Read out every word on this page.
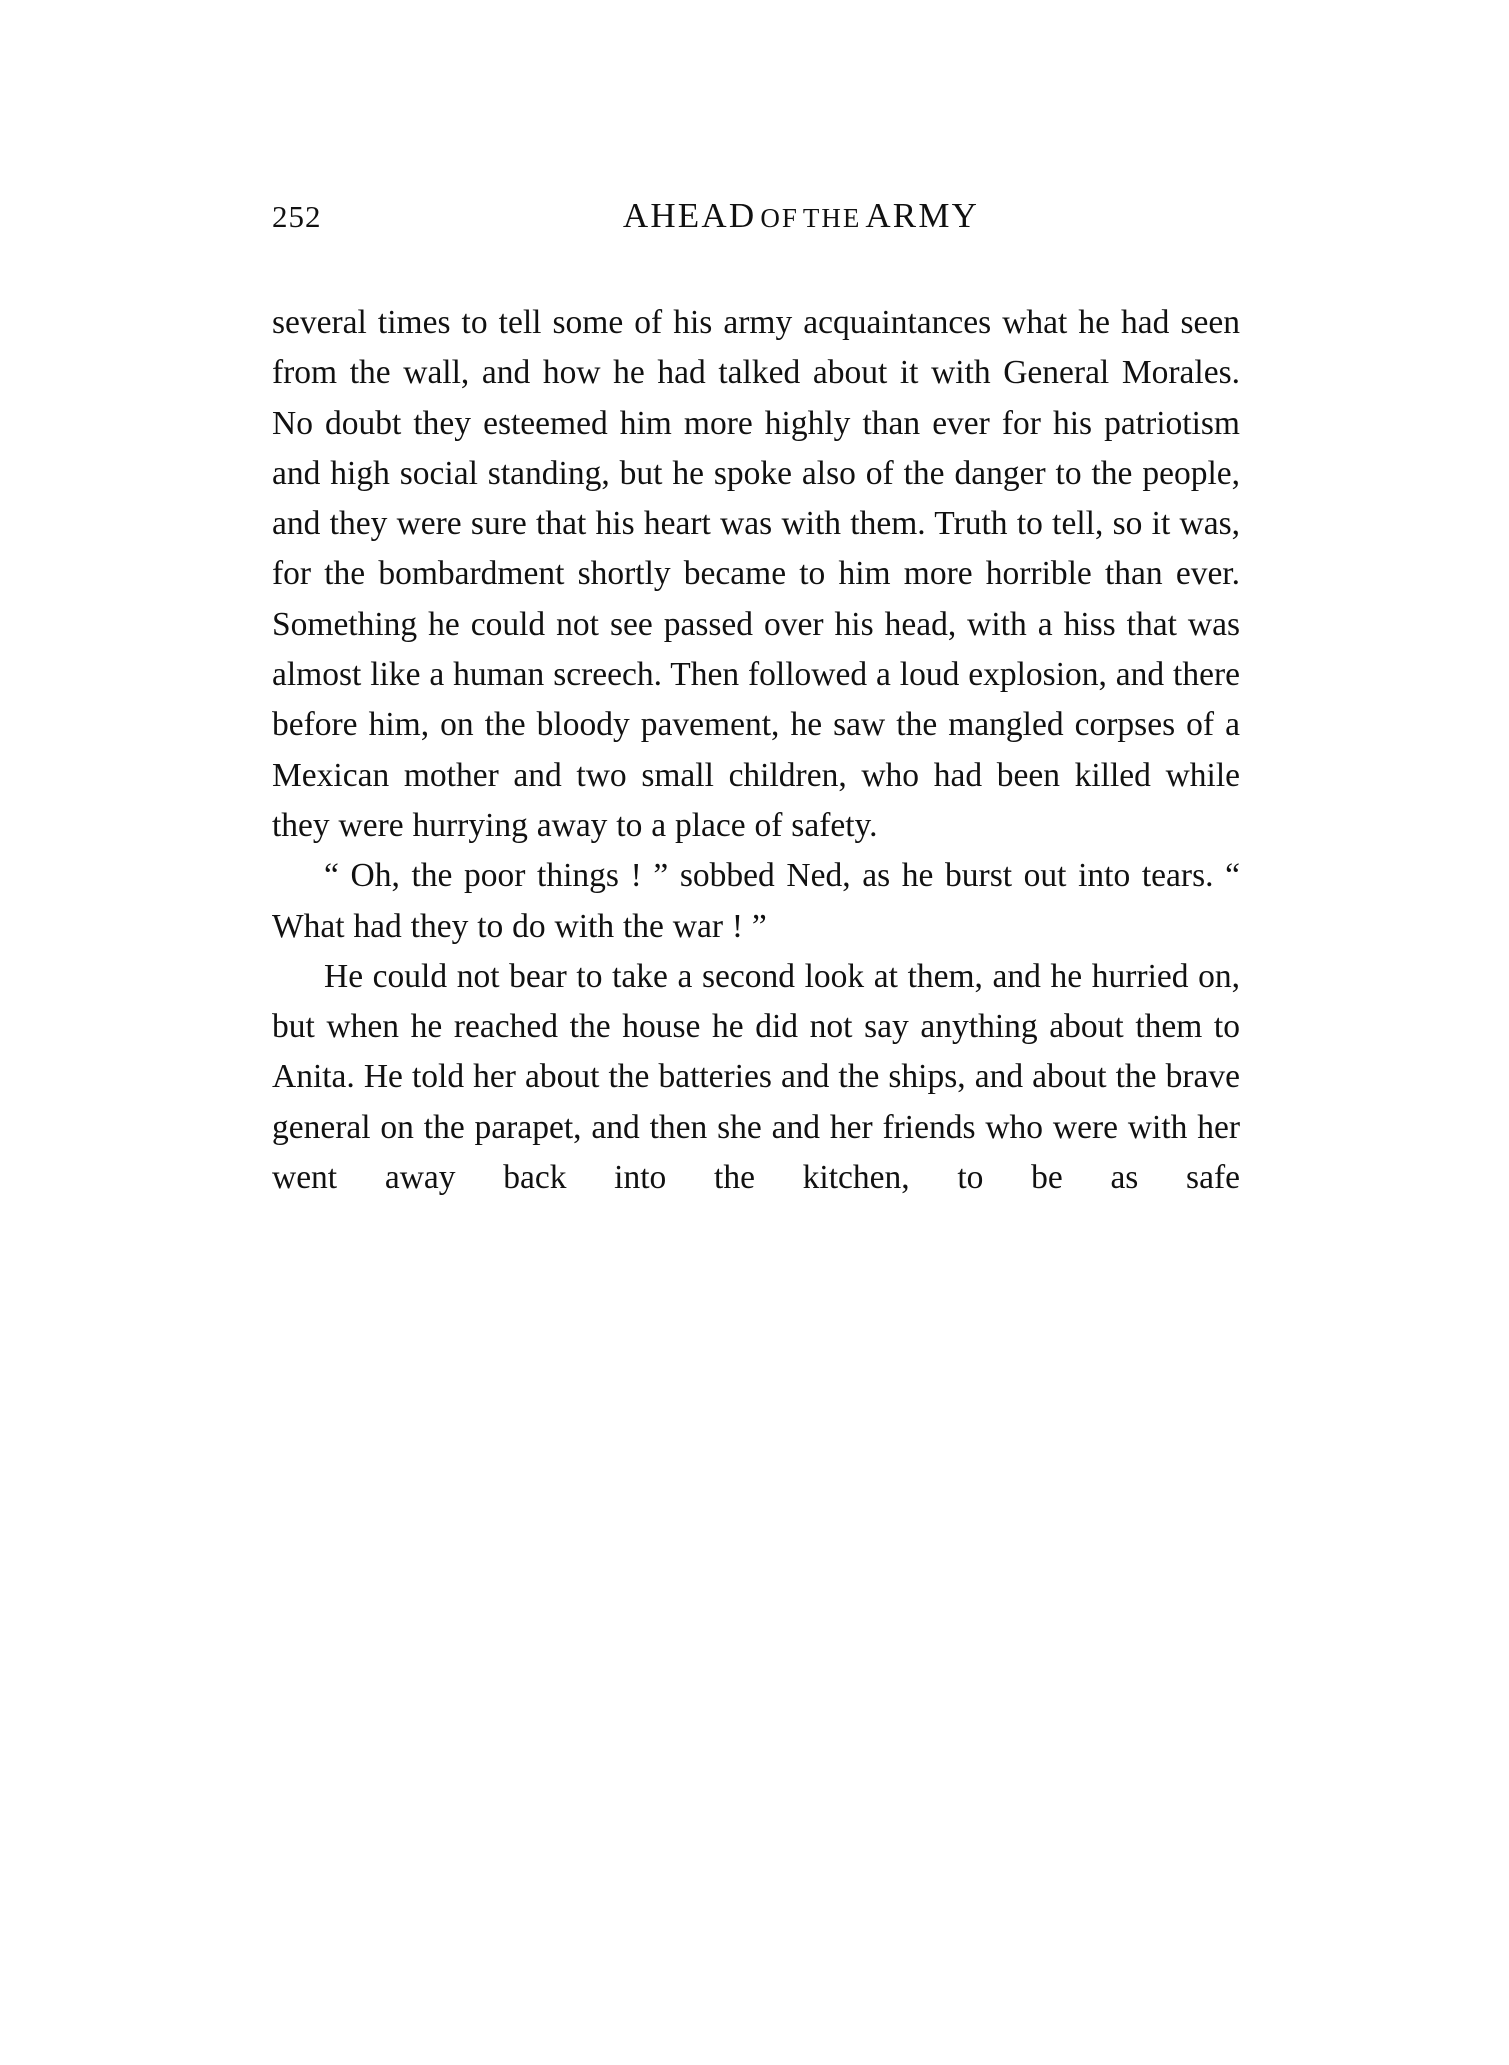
252	AHEAD OF THE ARMY

several times to tell some of his army acquaintances what he had seen from the wall, and how he had talked about it with General Morales. No doubt they esteemed him more highly than ever for his patriotism and high social standing, but he spoke also of the danger to the people, and they were sure that his heart was with them. Truth to tell, so it was, for the bombardment shortly became to him more horrible than ever. Something he could not see passed over his head, with a hiss that was almost like a human screech. Then followed a loud explosion, and there before him, on the bloody pavement, he saw the mangled corpses of a Mexican mother and two small children, who had been killed while they were hurrying away to a place of safety.

“ Oh, the poor things ! ” sobbed Ned, as he burst out into tears. “ What had they to do with the war ! ”

He could not bear to take a second look at them, and he hurried on, but when he reached the house he did not say anything about them to Anita. He told her about the batteries and the ships, and about the brave general on the parapet, and then she and her friends who were with her went away back into the kitchen, to be as safe
